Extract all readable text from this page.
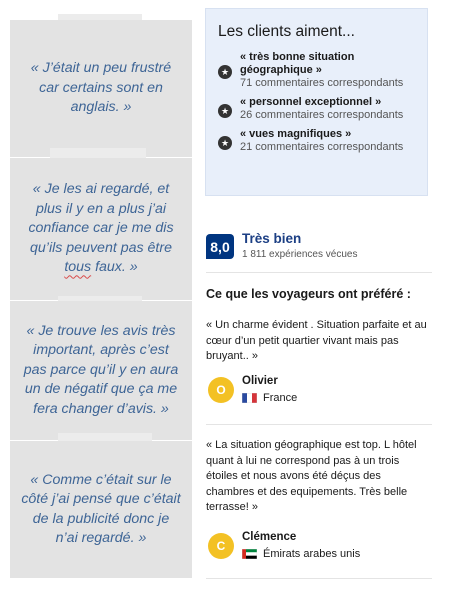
« J’était un peu frustré car certains sont en anglais. »

« Je les ai regardé, et plus il y en a plus j’ai confiance car je me dis qu’ils peuvent pas être tous faux. »

« Je trouve les avis très important, après c’est pas parce qu’il y en aura un de négatif que ça me fera changer d’avis. »

« Comme c’était sur le côté j’ai pensé que c’était de la publicité donc je n’ai regardé. »

Les clients aiment...
★
« très bonne situation géographique »
71 commentaires correspondants
★
« personnel exceptionnel »
26 commentaires correspondants
★
« vues magnifiques »
21 commentaires correspondants
8,0 Très bien
1 811 expériences vécues
Ce que les voyageurs ont préféré :

« Un charme évident . Situation parfaite et au cœur d’un petit quartier vivant mais pas bruyant.. »

O
Olivier
France

« La situation géographique est top. L hôtel quant à lui ne correspond pas à un trois étoiles et nous avons été déçus des chambres et des equipements. Très belle terrasse! »

C
Clémence
Émirats arabes unis
